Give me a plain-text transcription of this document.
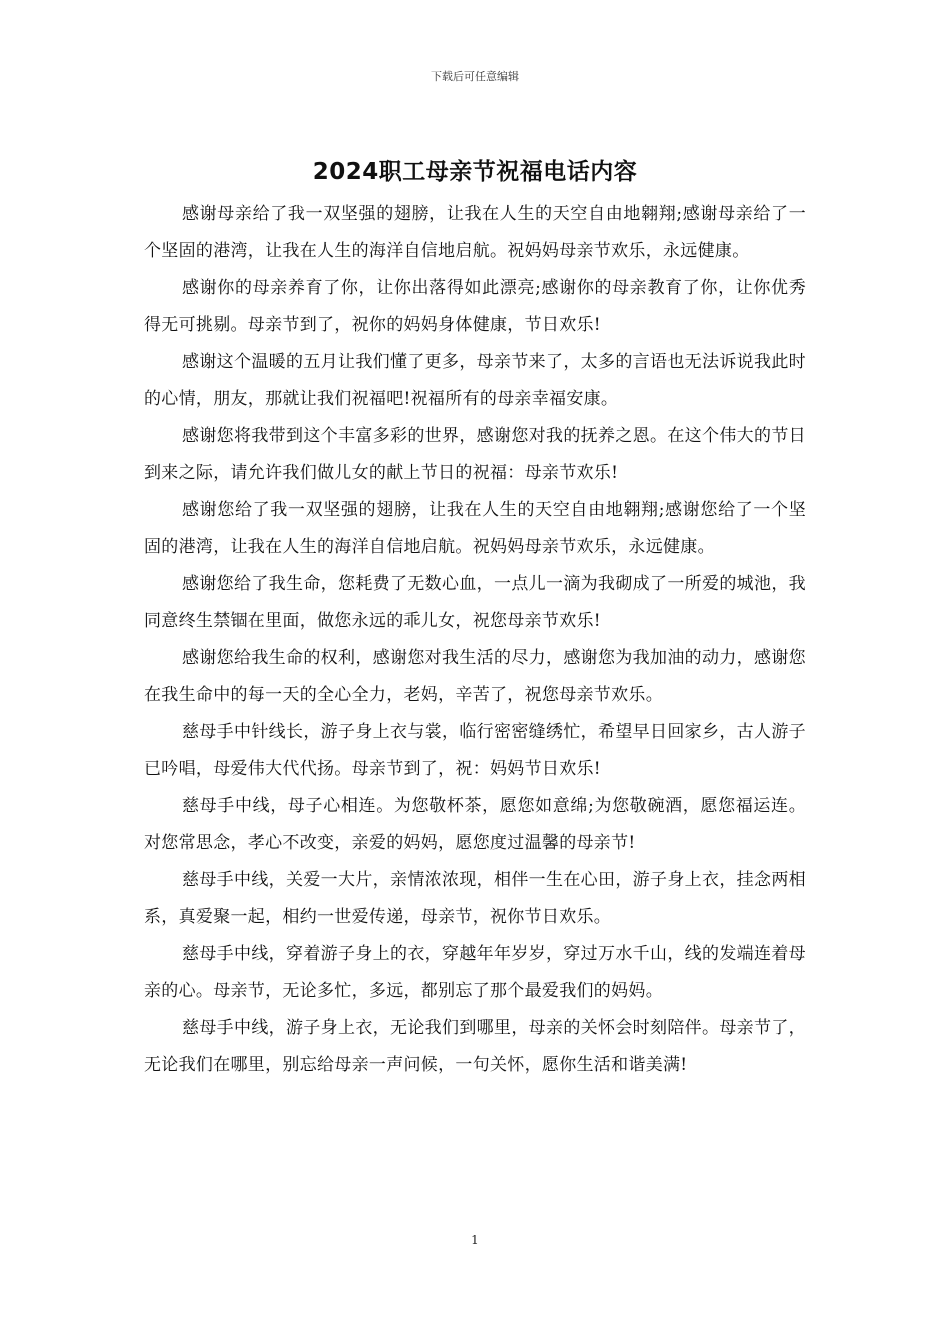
下载后可任意编辑
2024职工母亲节祝福电话内容

感谢母亲给了我一双坚强的翅膀，让我在人生的天空自由地翱翔;感谢母亲给了一个坚固的港湾，让我在人生的海洋自信地启航。祝妈妈母亲节欢乐，永远健康。

感谢你的母亲养育了你，让你出落得如此漂亮;感谢你的母亲教育了你，让你优秀得无可挑剔。母亲节到了，祝你的妈妈身体健康，节日欢乐!

感谢这个温暖的五月让我们懂了更多，母亲节来了，太多的言语也无法诉说我此时的心情，朋友，那就让我们祝福吧!祝福所有的母亲幸福安康。

感谢您将我带到这个丰富多彩的世界，感谢您对我的抚养之恩。在这个伟大的节日到来之际，请允许我们做儿女的献上节日的祝福：母亲节欢乐!

感谢您给了我一双坚强的翅膀，让我在人生的天空自由地翱翔;感谢您给了一个坚固的港湾，让我在人生的海洋自信地启航。祝妈妈母亲节欢乐，永远健康。

感谢您给了我生命，您耗费了无数心血，一点儿一滴为我砌成了一所爱的城池，我同意终生禁锢在里面，做您永远的乖儿女，祝您母亲节欢乐!

感谢您给我生命的权利，感谢您对我生活的尽力，感谢您为我加油的动力，感谢您在我生命中的每一天的全心全力，老妈，辛苦了，祝您母亲节欢乐。

慈母手中针线长，游子身上衣与裳，临行密密缝绣忙，希望早日回家乡，古人游子已吟唱，母爱伟大代代扬。母亲节到了，祝：妈妈节日欢乐!

慈母手中线，母子心相连。为您敬杯茶，愿您如意绵;为您敬碗酒，愿您福运连。对您常思念，孝心不改变，亲爱的妈妈，愿您度过温馨的母亲节!

慈母手中线，关爱一大片，亲情浓浓现，相伴一生在心田，游子身上衣，挂念两相系，真爱聚一起，相约一世爱传递，母亲节，祝你节日欢乐。

慈母手中线，穿着游子身上的衣，穿越年年岁岁，穿过万水千山，线的发端连着母亲的心。母亲节，无论多忙，多远，都别忘了那个最爱我们的妈妈。

慈母手中线，游子身上衣，无论我们到哪里，母亲的关怀会时刻陪伴。母亲节了，无论我们在哪里，别忘给母亲一声问候，一句关怀，愿你生活和谐美满!

1
